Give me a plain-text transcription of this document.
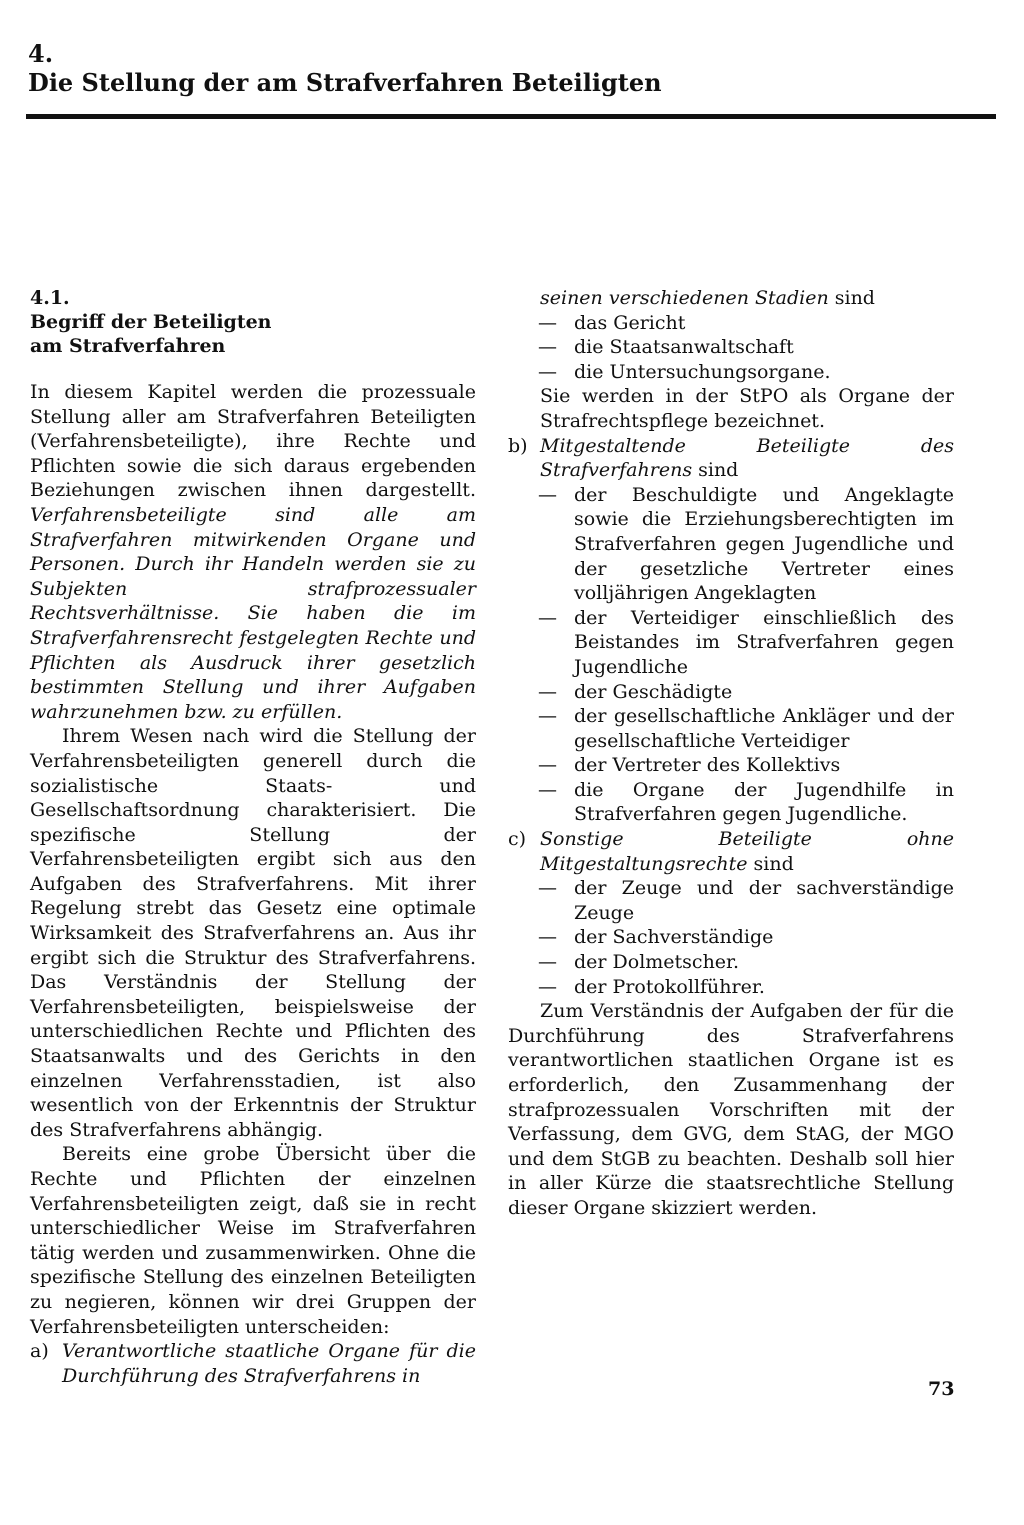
4.
Die Stellung der am Strafverfahren Beteiligten
4.1.
Begriff der Beteiligten
am Strafverfahren

In diesem Kapitel werden die prozessuale Stellung aller am Strafverfahren Beteiligten (Verfahrensbeteiligte), ihre Rechte und Pflichten sowie die sich daraus ergebenden Beziehungen zwischen ihnen dargestellt. Verfahrensbeteiligte sind alle am Strafverfahren mitwirkenden Organe und Personen. Durch ihr Handeln werden sie zu Subjekten strafprozessualer Rechtsverhältnisse. Sie haben die im Strafverfahrensrecht festgelegten Rechte und Pflichten als Ausdruck ihrer gesetzlich bestimmten Stellung und ihrer Aufgaben wahrzunehmen bzw. zu erfüllen.

Ihrem Wesen nach wird die Stellung der Verfahrensbeteiligten generell durch die sozialistische Staats- und Gesellschaftsordnung charakterisiert. Die spezifische Stellung der Verfahrensbeteiligten ergibt sich aus den Aufgaben des Strafverfahrens. Mit ihrer Regelung strebt das Gesetz eine optimale Wirksamkeit des Strafverfahrens an. Aus ihr ergibt sich die Struktur des Strafverfahrens. Das Verständnis der Stellung der Verfahrensbeteiligten, beispielsweise der unterschiedlichen Rechte und Pflichten des Staatsanwalts und des Gerichts in den einzelnen Verfahrensstadien, ist also wesentlich von der Erkenntnis der Struktur des Strafverfahrens abhängig.

Bereits eine grobe Übersicht über die Rechte und Pflichten der einzelnen Verfahrensbeteiligten zeigt, daß sie in recht unterschiedlicher Weise im Strafverfahren tätig werden und zusammenwirken. Ohne die spezifische Stellung des einzelnen Beteiligten zu negieren, können wir drei Gruppen der Verfahrensbeteiligten unterscheiden:

a) Verantwortliche staatliche Organe für die Durchführung des Strafverfahrens in
seinen verschiedenen Stadien sind
— das Gericht
— die Staatsanwaltschaft
— die Untersuchungsorgane.
Sie werden in der StPO als Organe der Strafrechtspflege bezeichnet.
b) Mitgestaltende Beteiligte des Strafverfahrens sind
— der Beschuldigte und Angeklagte sowie die Erziehungsberechtigten im Strafverfahren gegen Jugendliche und der gesetzliche Vertreter eines volljährigen Angeklagten
— der Verteidiger einschließlich des Beistandes im Strafverfahren gegen Jugendliche
— der Geschädigte
— der gesellschaftliche Ankläger und der gesellschaftliche Verteidiger
— der Vertreter des Kollektivs
— die Organe der Jugendhilfe in Strafverfahren gegen Jugendliche.
c) Sonstige Beteiligte ohne Mitgestaltungsrechte sind
— der Zeuge und der sachverständige Zeuge
— der Sachverständige
— der Dolmetscher.
— der Protokollführer.

Zum Verständnis der Aufgaben der für die Durchführung des Strafverfahrens verantwortlichen staatlichen Organe ist es erforderlich, den Zusammenhang der strafprozessualen Vorschriften mit der Verfassung, dem GVG, dem StAG, der MGO und dem StGB zu beachten. Deshalb soll hier in aller Kürze die staatsrechtliche Stellung dieser Organe skizziert werden.

73
